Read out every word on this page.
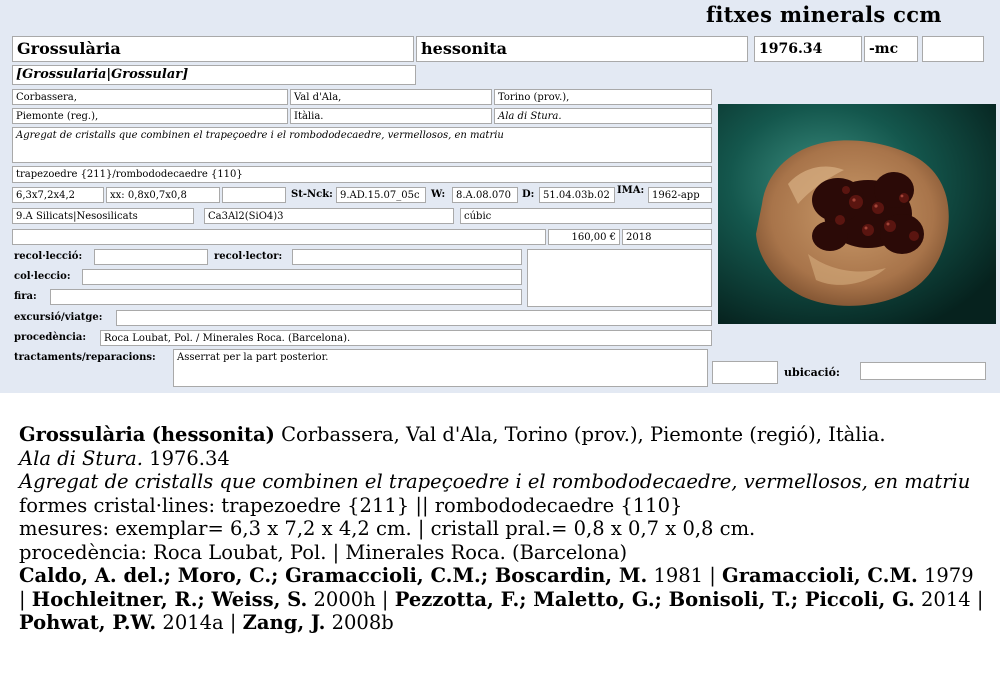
fitxes minerals ccm
Grossulària	hessonita	1976.34	-mc
[Grossularia|Grossular]
Corbassera,	Val d'Ala,	Torino (prov.),
Piemonte (reg.),	Itàlia.	Ala di Stura.
Agregat de cristalls que combinen el trapeçoedre i el rombododecaedre, vermellosos, en matriu
trapezoedre {211}/rombododecaedre {110}
6,3x7,2x4,2	xx: 0,8x0,7x0,8	St-Nck: 9.AD.15.07_05c	W:	8.A.08.070	D: 51.04.03b.02 IMA: 1962-app
9.A Silicats|Nesosilicats	Ca3Al2(SiO4)3	cúbic
160,00 €	2018
recol·lecció:	recol·lector:
col·leccio:
fira:
excursió/viatge:
procedència:	Roca Loubat, Pol. / Minerales Roca. (Barcelona).
tractaments/reparacions:	Asserrat per la part posterior.
ubicació:

Grossulària (hessonita) Corbassera, Val d'Ala, Torino (prov.), Piemonte (regió), Itàlia.

Ala di Stura. 1976.34

Agregat de cristalls que combinen el trapeçoedre i el rombododecaedre, vermellosos, en matriu

formes cristal·lines: trapezoedre {211} || rombododecaedre {110}

mesures: exemplar= 6,3 x 7,2 x 4,2 cm. | cristall pral.= 0,8 x 0,7 x 0,8 cm.

procedència: Roca Loubat, Pol. | Minerales Roca. (Barcelona)

Caldo, A. del.; Moro, C.; Gramaccioli, C.M.; Boscardin, M. 1981 | Gramaccioli, C.M. 1979 | Hochleitner, R.; Weiss, S. 2000h | Pezzotta, F.; Maletto, G.; Bonisoli, T.; Piccoli, G. 2014 | Pohwat, P.W. 2014a | Zang, J. 2008b
